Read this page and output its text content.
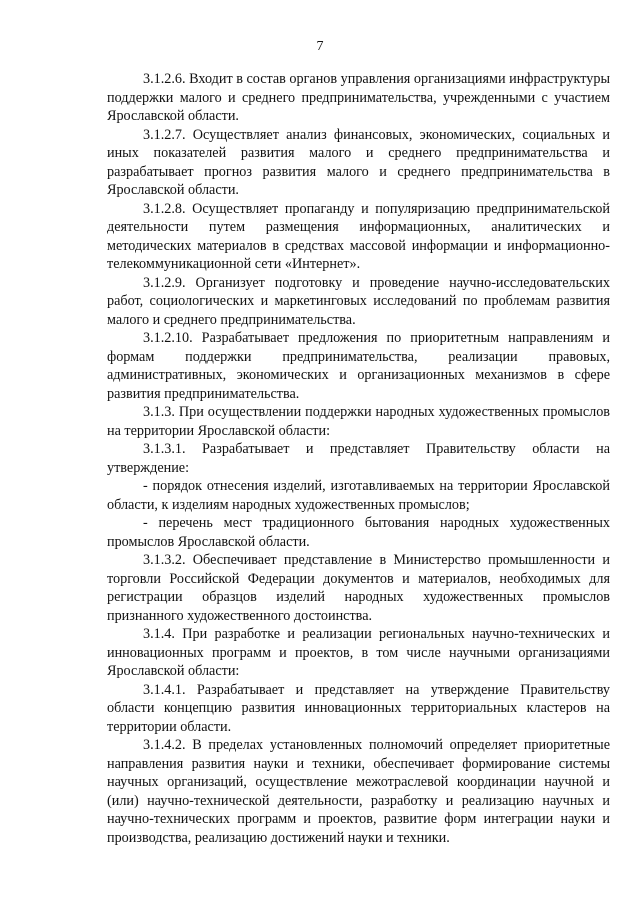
7

3.1.2.6. Входит в состав органов управления организациями инфраструктуры поддержки малого и среднего предпринимательства, учрежденными с участием Ярославской области.

3.1.2.7. Осуществляет анализ финансовых, экономических, социальных и иных показателей развития малого и среднего предпринимательства и разрабатывает прогноз развития малого и среднего предпринимательства в Ярославской области.

3.1.2.8. Осуществляет пропаганду и популяризацию предпринимательской деятельности путем размещения информационных, аналитических и методических материалов в средствах массовой информации и информационно-телекоммуникационной сети «Интернет».

3.1.2.9. Организует подготовку и проведение научно-исследовательских работ, социологических и маркетинговых исследований по проблемам развития малого и среднего предпринимательства.

3.1.2.10. Разрабатывает предложения по приоритетным направлениям и формам поддержки предпринимательства, реализации правовых, административных, экономических и организационных механизмов в сфере развития предпринимательства.

3.1.3. При осуществлении поддержки народных художественных промыслов на территории Ярославской области:

3.1.3.1. Разрабатывает и представляет Правительству области на утверждение:

- порядок отнесения изделий, изготавливаемых на территории Ярославской области, к изделиям народных художественных промыслов;

- перечень мест традиционного бытования народных художественных промыслов Ярославской области.

3.1.3.2. Обеспечивает представление в Министерство промышленности и торговли Российской Федерации документов и материалов, необходимых для регистрации образцов изделий народных художественных промыслов признанного художественного достоинства.

3.1.4. При разработке и реализации региональных научно-технических и инновационных программ и проектов, в том числе научными организациями Ярославской области:

3.1.4.1. Разрабатывает и представляет на утверждение Правительству области концепцию развития инновационных территориальных кластеров на территории области.

3.1.4.2. В пределах установленных полномочий определяет приоритетные направления развития науки и техники, обеспечивает формирование системы научных организаций, осуществление межотраслевой координации научной и (или) научно-технической деятельности, разработку и реализацию научных и научно-технических программ и проектов, развитие форм интеграции науки и производства, реализацию достижений науки и техники.
